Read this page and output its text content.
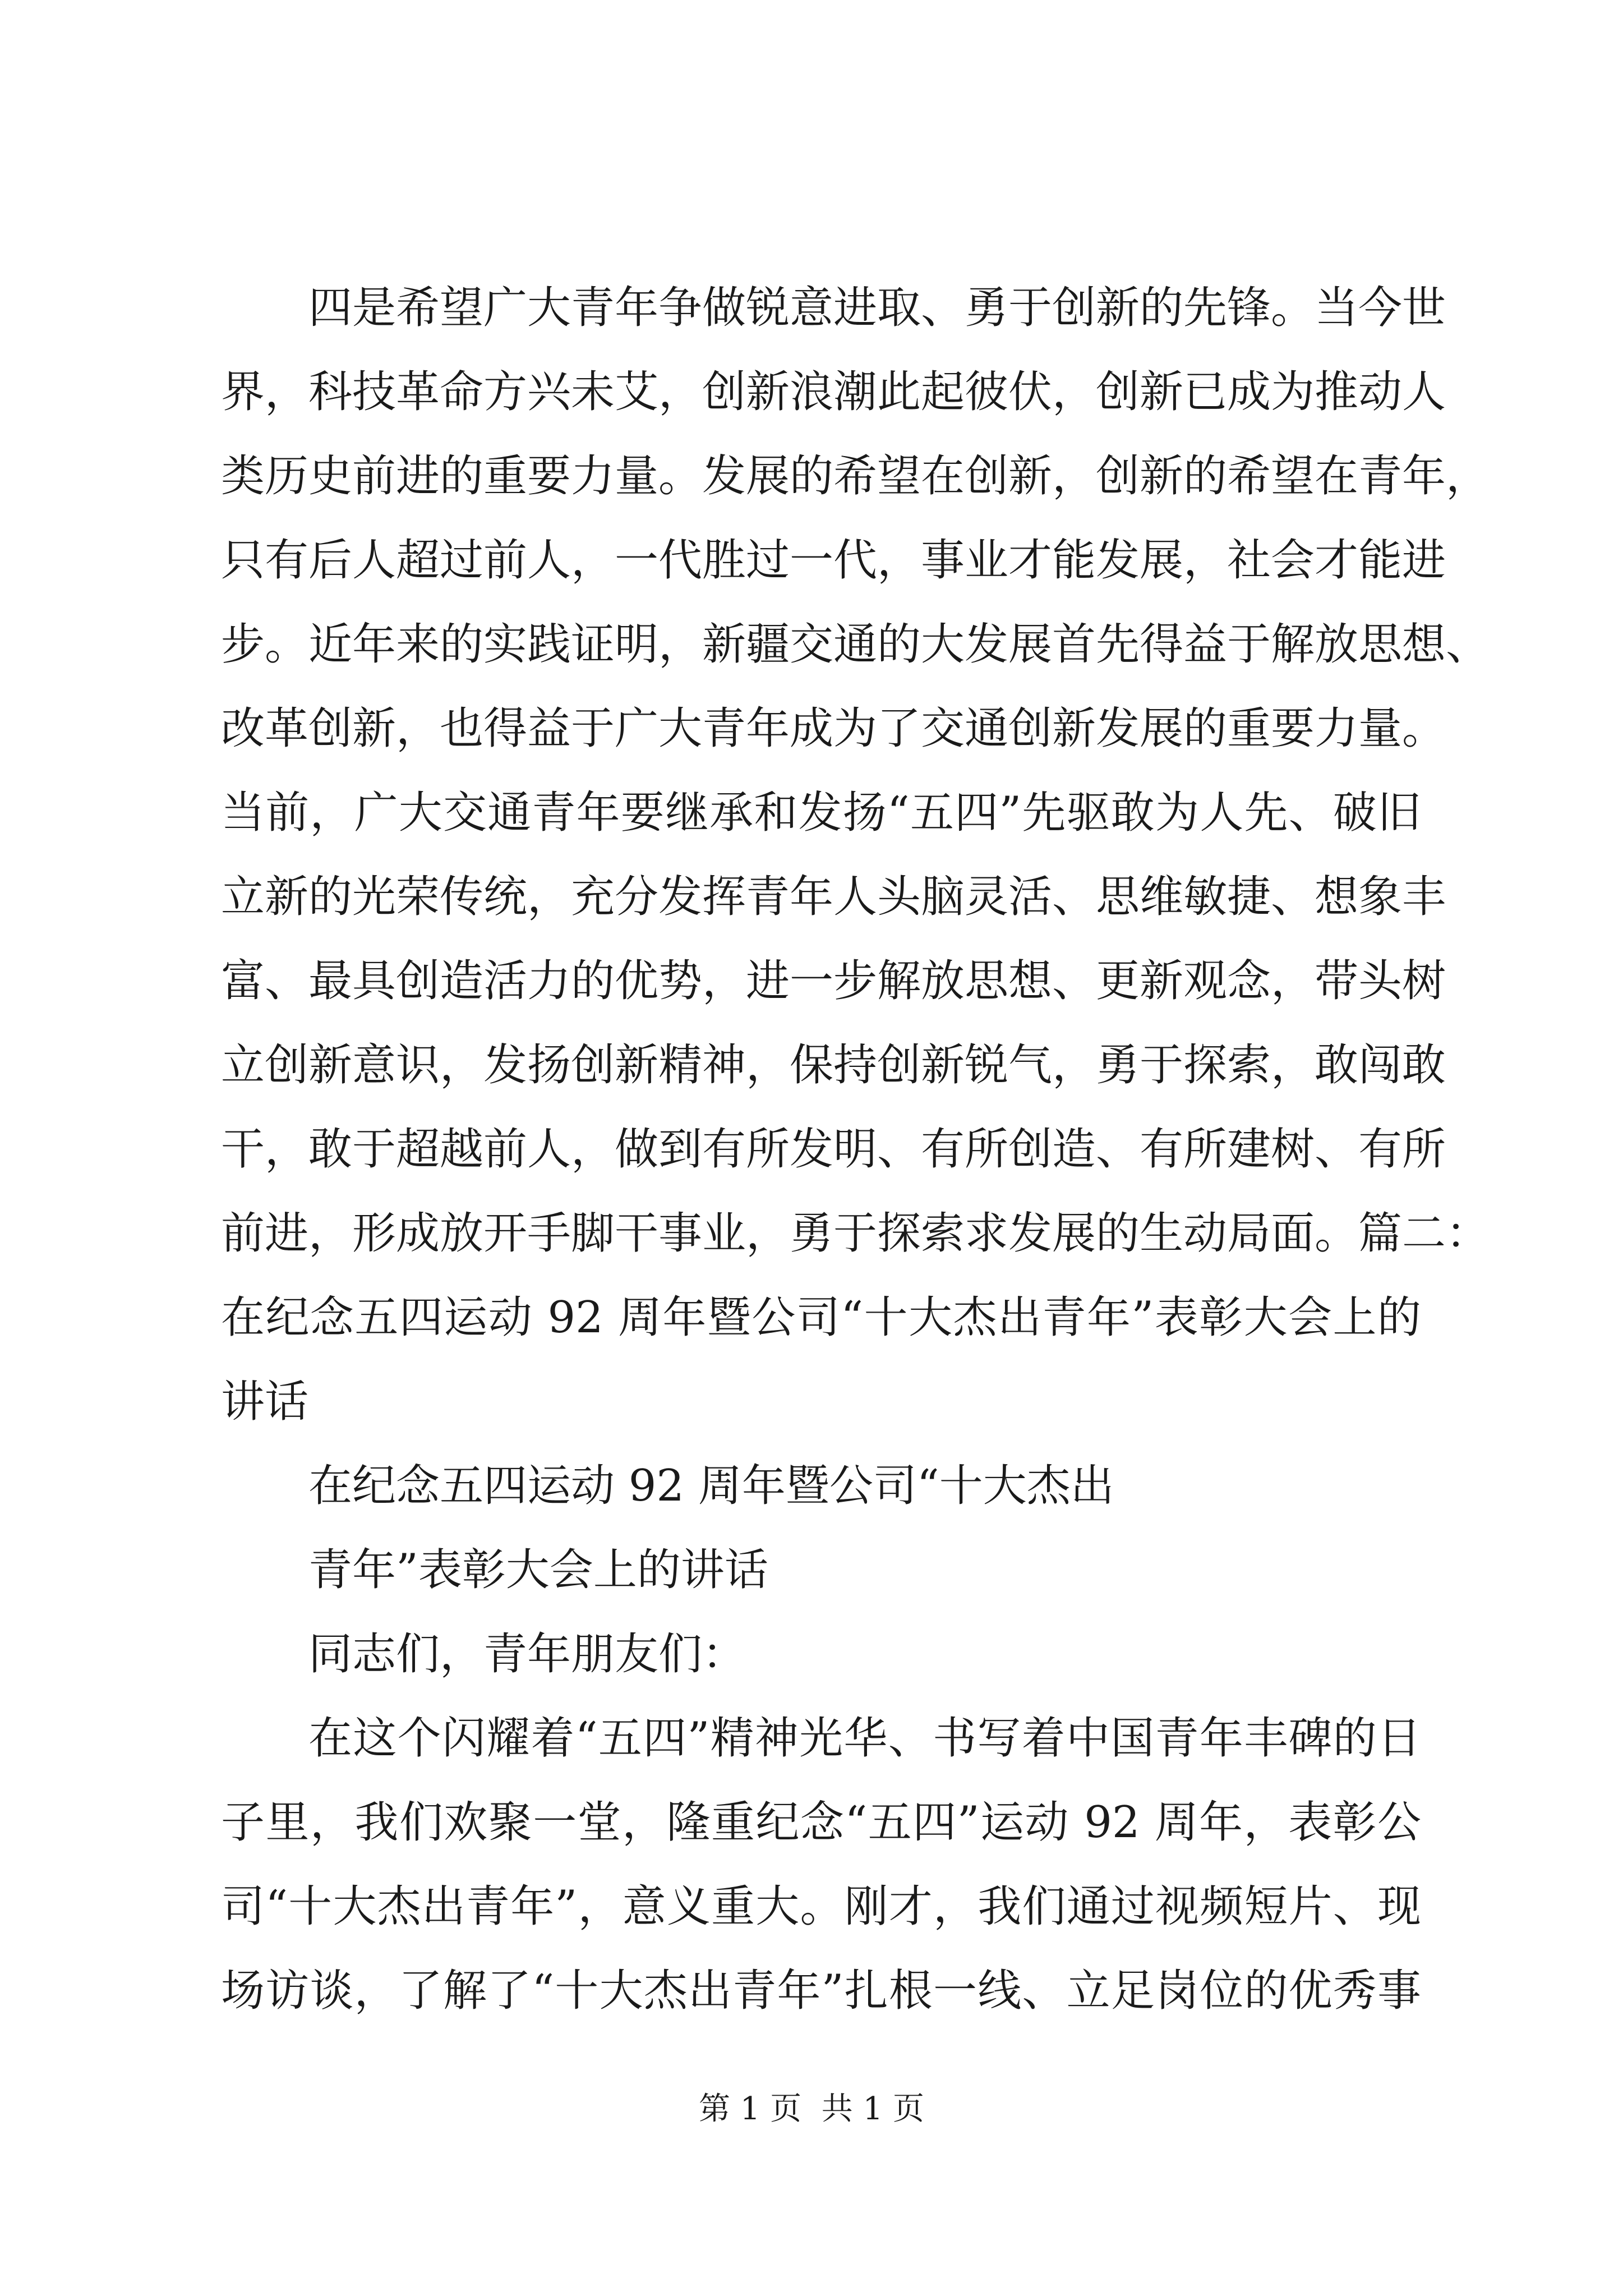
四是希望广大青年争做锐意进取、勇于创新的先锋。当今世
界，科技革命方兴未艾，创新浪潮此起彼伏，创新已成为推动人
类历史前进的重要力量。发展的希望在创新，创新的希望在青年，
只有后人超过前人，一代胜过一代，事业才能发展，社会才能进
步。近年来的实践证明，新疆交通的大发展首先得益于解放思想、
改革创新，也得益于广大青年成为了交通创新发展的重要力量。
当前，广大交通青年要继承和发扬“五四”先驱敢为人先、破旧
立新的光荣传统，充分发挥青年人头脑灵活、思维敏捷、想象丰
富、最具创造活力的优势，进一步解放思想、更新观念，带头树
立创新意识，发扬创新精神，保持创新锐气，勇于探索，敢闯敢
干，敢于超越前人，做到有所发明、有所创造、有所建树、有所
前进，形成放开手脚干事业，勇于探索求发展的生动局面。篇二：
在纪念五四运动 92 周年暨公司“十大杰出青年”表彰大会上的
讲话
在纪念五四运动 92 周年暨公司“十大杰出
青年”表彰大会上的讲话
同志们，青年朋友们：
在这个闪耀着“五四”精神光华、书写着中国青年丰碑的日
子里，我们欢聚一堂，隆重纪念“五四”运动 92 周年，表彰公
司“十大杰出青年”，意义重大。刚才，我们通过视频短片、现
场访谈，了解了“十大杰出青年”扎根一线、立足岗位的优秀事
第 1 页  共 1 页
